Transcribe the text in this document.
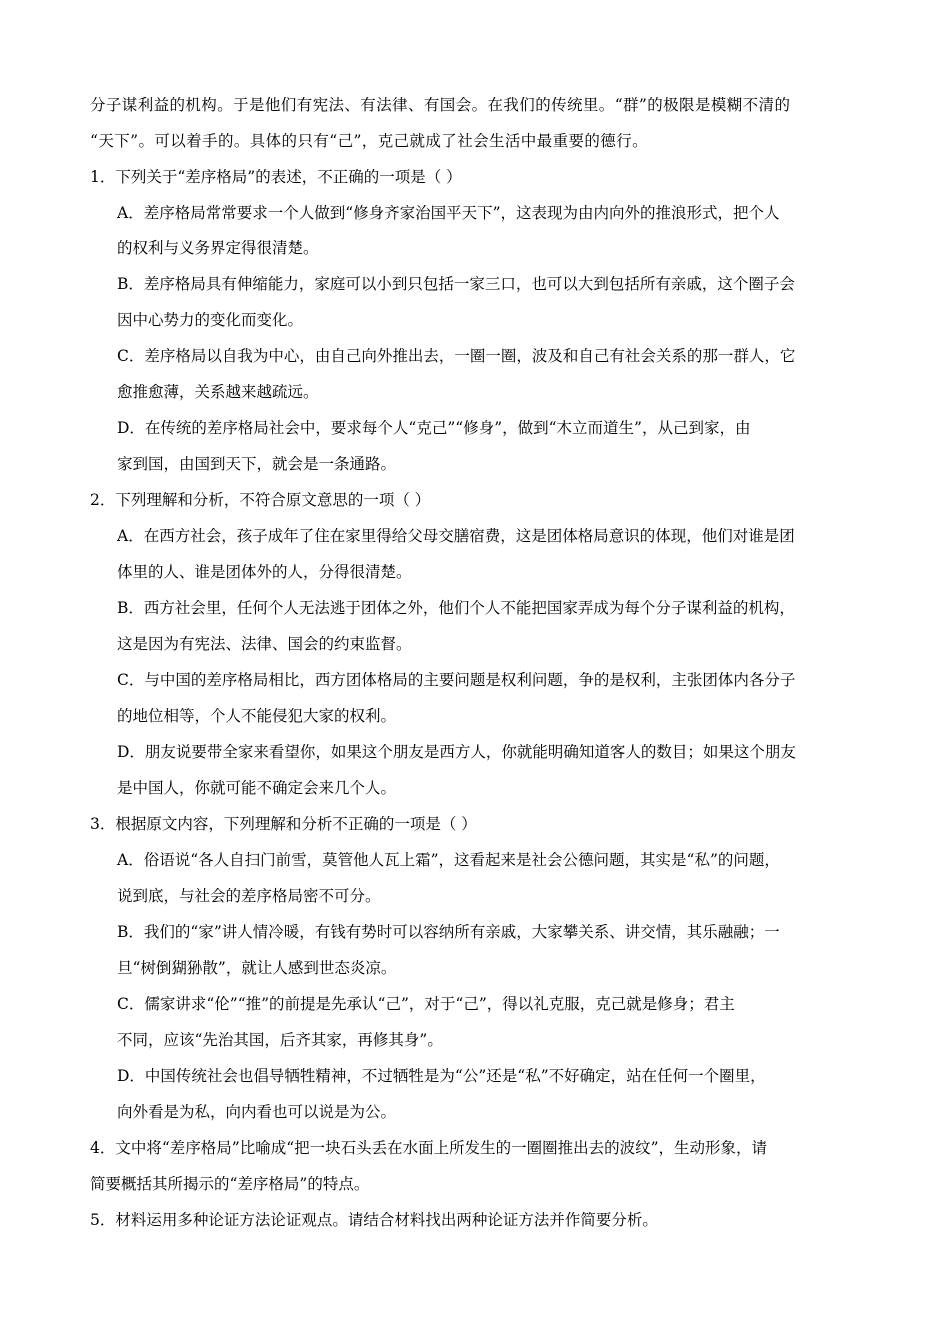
分子谋利益的机构。于是他们有宪法、有法律、有国会。在我们的传统里。“群”的极限是模糊不清的
“天下”。可以着手的。具体的只有“己”，克己就成了社会生活中最重要的德行。
1．下列关于“差序格局”的表述，不正确的一项是（ ）
A．差序格局常常要求一个人做到“修身齐家治国平天下”，这表现为由内向外的推浪形式，把个人
的权利与义务界定得很清楚。
B．差序格局具有伸缩能力，家庭可以小到只包括一家三口，也可以大到包括所有亲戚，这个圈子会
因中心势力的变化而变化。
C．差序格局以自我为中心，由自己向外推出去，一圈一圈，波及和自己有社会关系的那一群人，它
愈推愈薄，关系越来越疏远。
D．在传统的差序格局社会中，要求每个人“克己”“修身”，做到“木立而道生”，从己到家，由
家到国，由国到天下，就会是一条通路。
2．下列理解和分析，不符合原文意思的一项（ ）
A．在西方社会，孩子成年了住在家里得给父母交膳宿费，这是团体格局意识的体现，他们对谁是团
体里的人、谁是团体外的人，分得很清楚。
B．西方社会里，任何个人无法逃于团体之外，他们个人不能把国家弄成为每个分子谋利益的机构，
这是因为有宪法、法律、国会的约束监督。
C．与中国的差序格局相比，西方团体格局的主要问题是权利问题，争的是权利，主张团体内各分子
的地位相等，个人不能侵犯大家的权利。
D．朋友说要带全家来看望你，如果这个朋友是西方人，你就能明确知道客人的数目；如果这个朋友
是中国人，你就可能不确定会来几个人。
3．根据原文内容，下列理解和分析不正确的一项是（ ）
A．俗语说“各人自扫门前雪，莫管他人瓦上霜”，这看起来是社会公德问题，其实是“私”的问题，
说到底，与社会的差序格局密不可分。
B．我们的“家”讲人情冷暖，有钱有势时可以容纳所有亲戚，大家攀关系、讲交情，其乐融融；一
旦“树倒猢狲散”，就让人感到世态炎凉。
C．儒家讲求“伦”“推”的前提是先承认“己”，对于“己”，得以礼克服，克己就是修身；君主
不同，应该“先治其国，后齐其家，再修其身”。
D．中国传统社会也倡导牺牲精神，不过牺牲是为“公”还是“私”不好确定，站在任何一个圈里，
向外看是为私，向内看也可以说是为公。
4．文中将“差序格局”比喻成“把一块石头丢在水面上所发生的一圈圈推出去的波纹”，生动形象，请
简要概括其所揭示的“差序格局”的特点。
5．材料运用多种论证方法论证观点。请结合材料找出两种论证方法并作简要分析。
